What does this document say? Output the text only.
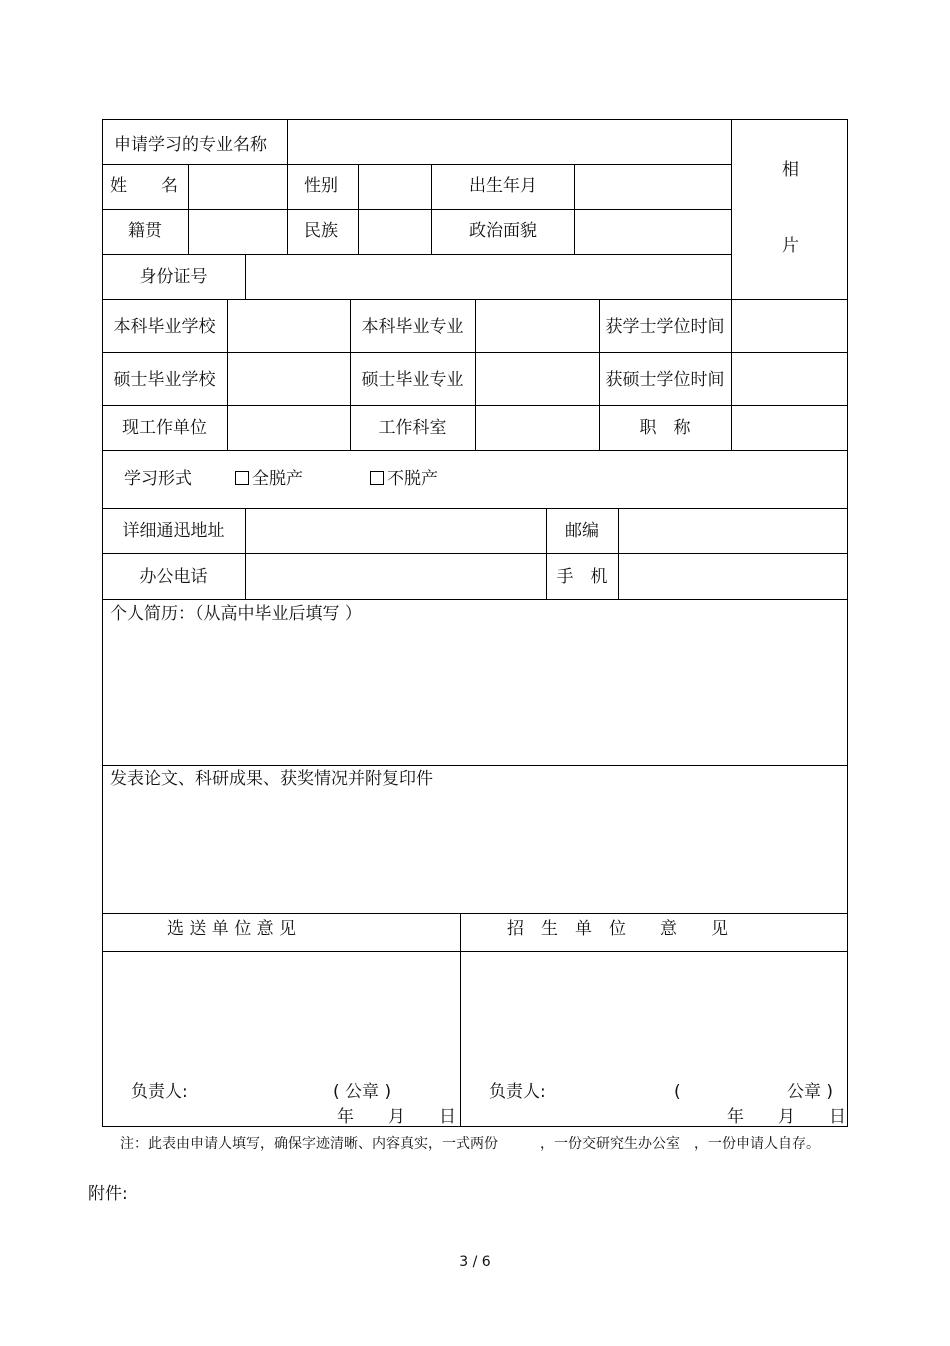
申请学习的专业名称
相
片
姓　　名	性别	出生年月
籍贯	民族	政治面貌
身份证号
本科毕业学校	本科毕业专业	获学士学位时间
硕士毕业学校	硕士毕业专业	获硕士学位时间
现工作单位	工作科室	职　称
学习形式	全脱产	不脱产
详细通迅地址	邮编
办公电话	手　机
个人简历：（从高中毕业后填写 ）
发表论文、科研成果、获奖情况并附复印件
选 送 单 位 意 见	招　生　单　位　　意　　见
负责人:	( 公章 )
年　　月　　日
负责人:	(	公章 )
年　　月　　日
注：此表由申请人填写，确保字迹清晰、内容真实，一式两份　　　，一份交研究生办公室　，一份申请人自存。
附件:
3 / 6
